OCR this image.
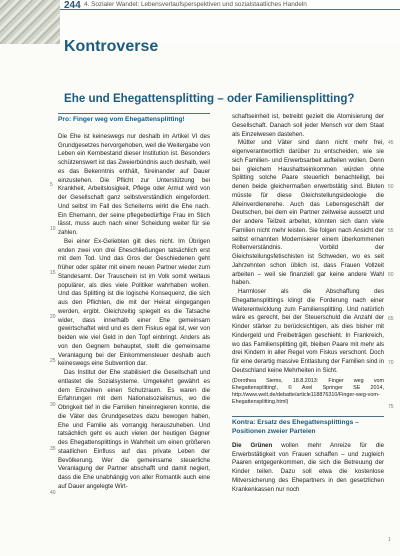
244 4. Sozialer Wandel: Lebensverlaufsperspektiven und sozialstaatliches Handeln
Kontroverse
Ehe und Ehegattensplitting – oder Familiensplitting?
Pro: Finger weg vom Ehegattensplitting!

Die Ehe ist keineswegs nur deshalb im Artikel VI des Grundgesetzes hervorgehoben, weil die Weitergabe von Leben ein Kernbestand dieser Institution ist. Besonders schützenswert ist das Zweierbündnis auch deshalb, weil es das Bekenntnis enthält, füreinander auf Dauer einzustehen. Die Pflicht zur Unterstützung bei Krankheit, Arbeitslosigkeit, Pflege oder Armut wird von der Gesellschaft ganz selbstverständlich eingefordert. Und selbst im Fall des Scheiterns wirkt die Ehe nach. Ein Ehemann, der seine pflegebedürftige Frau im Stich lässt, muss auch nach einer Scheidung weiter für sie zahlen.

Bei einer Ex-Geliebten gilt dies nicht. Im Übrigen enden zwei von drei Eheschließungen tatsächlich erst mit dem Tod. Und das Gros der Geschiedenen geht früher oder später mit einem neuen Partner wieder zum Standesamt. Der Trauschein ist im Volk somit weitaus populärer, als dies viele Politiker wahrhaben wollen. Und das Splitting ist die logische Konsequenz, die sich aus den Pflichten, die mit der Heirat eingegangen werden, ergibt. Gleichzeitig spiegelt es die Tatsache wider, dass innerhalb einer Ehe gemeinsam gewirtschaftet wird und es dem Fiskus egal ist, wer von beiden wie viel Geld in den Topf einbringt. Anders als von den Gegnern behauptet, stellt die gemeinsame Veranlagung bei der Einkommensteuer deshalb auch keineswegs eine Subvention dar.

Das Institut der Ehe stabilisiert die Gesellschaft und entlastet die Sozialsysteme. Umgekehrt gewährt es dem Einzelnen einen Schutzraum. Es waren die Erfahrungen mit dem Nationalsozialismus, wo die Obrigkeit tief in die Familien hineinregieren konnte, die die Väter des Grundgesetzes dazu bewogen haben, Ehe und Familie als vorrangig herauszuheben. Und tatsächlich geht es auch vielen der heutigen Gegner des Ehegattensplittings in Wahrheit um einen größeren staatlichen Einfluss auf das private Leben der Bevölkerung. Wer die gemeinsame steuerliche Veranlagung der Partner abschafft und damit negiert, dass die Ehe unabhängig von aller Romantik auch eine auf Dauer angelegte Wirt-

schaftseinheit ist, betreibt gezielt die Atomisierung der Gesellschaft. Danach soll jeder Mensch vor dem Staat als Einzelwesen dastehen.

Mütter und Väter sind dann nicht mehr frei, eigenverantwortlich darüber zu entscheiden, wie sie sich Familien- und Erwerbsarbeit aufteilen wollen. Denn bei gleichem Haushaltseinkommen würden ohne Splitting solche Paare steuerlich benachteiligt, bei denen beide gleichermaßen erwerbstätig sind. Bluten müsste für diese Gleichstellungsideologie die Alleinverdienerehe. Auch das Lebensgeschäft der Deutschen, bei dem ein Partner zeitweise aussetzt und der andere Teilzeit arbeitet, könnten sich dann viele Familien nicht mehr leisten. Sie folgen nach Ansicht der selbst ernannten Modernisierer einem überkommenen Rollenverständnis. Vorbild der Gleichstellungsfetischisten ist Schweden, wo es seit Jahrzehnten schon üblich ist, dass Frauen Vollzeit arbeiten – weil sie finanziell gar keine andere Wahl haben.

Harmloser als die Abschaffung des Ehegattensplittings klingt die Forderung nach einer Weiterentwicklung zum Familiensplitting. Und natürlich wäre es gerecht, bei der Steuerschuld die Anzahl der Kinder stärker zu berücksichtigen, als dies bisher mit Kindergeld und Freibeträgen geschieht. In Frankreich, wo das Familiensplitting gilt, bleiben Paare mit mehr als drei Kindern in aller Regel vom Fiskus verschont. Doch für eine derartig massive Entlastung der Familien sind in Deutschland keine Mehrheiten in Sicht.

(Dorothea Siems, 18.8.2013: Finger weg vom Ehegattensplitting!, © Axel Springer SE 2014, http://www.welt.de/debatte/article118876310/Finger-weg-vom-Ehegattensplitting.html)
Kontra: Ersatz des Ehegattensplittings –
Positionen zweier Parteien

Die Grünen wollen mehr Anreize für die Erwerbstätigkeit von Frauen schaffen – und zugleich Paaren entgegenkommen, die sich die Betreuung der Kinder teilen. Dazu soll etwa die kostenlose Mitversicherung des Ehepartners in den gesetzlichen Krankenkassen nur noch

5
10
15
20
25
30
35
40
45
50
55
60
65
70
75
1
